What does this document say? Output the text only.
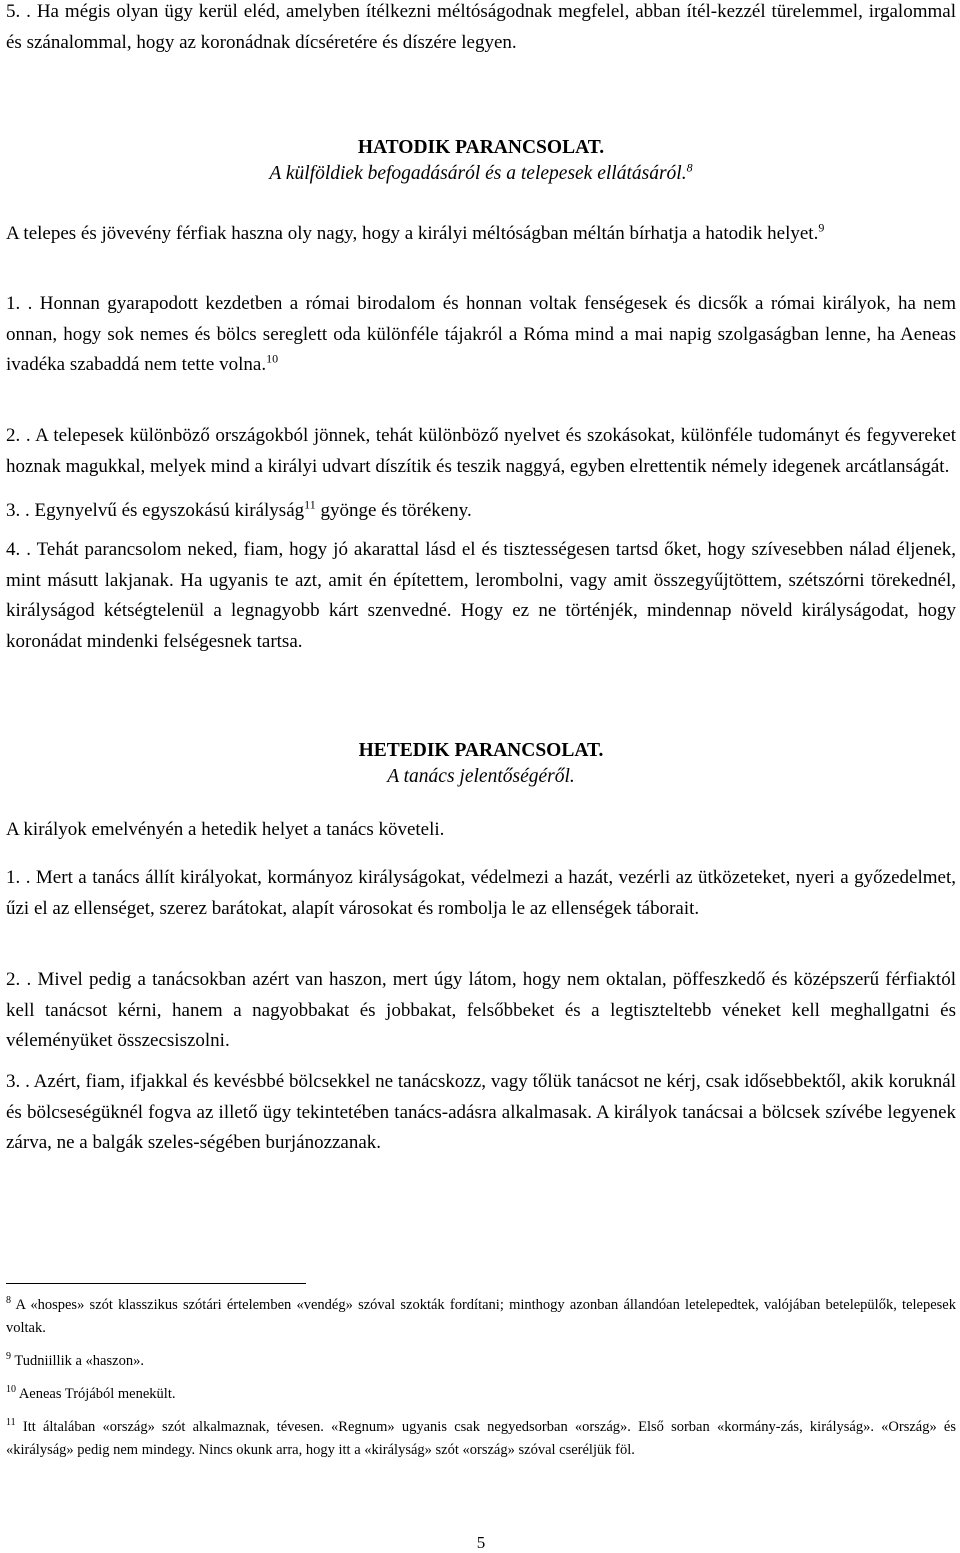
5. . Ha mégis olyan ügy kerül eléd, amelyben ítélkezni méltóságodnak megfelel, abban ítél-kezzél türelemmel, irgalommal és szánalommal, hogy az koronádnak dícséretére és díszére legyen.

HATODIK PARANCSOLAT.

A külföldiek befogadásáról és a telepesek ellátásáról.$^8$

A telepes és jövevény férfiak haszna oly nagy, hogy a királyi méltóságban méltán bírhatja a hatodik helyet.$^9$

1. . Honnan gyarapodott kezdetben a római birodalom és honnan voltak fenségesek és dicsők a római királyok, ha nem onnan, hogy sok nemes és bölcs sereglett oda különféle tájakról a Róma mind a mai napig szolgaságban lenne, ha Aeneas ivadéka szabaddá nem tette volna.$^{10}$

2. . A telepesek különböző országokból jönnek, tehát különböző nyelvet és szokásokat, különféle tudományt és fegyvereket hoznak magukkal, melyek mind a királyi udvart díszítik és teszik naggyá, egyben elrettentik némely idegenek arcátlanságát.

3. . Egynyelvű és egyszokású királyság$^{11}$ gyönge és törékeny.

4. . Tehát parancsolom neked, fiam, hogy jó akarattal lásd el és tisztességesen tartsd őket, hogy szívesebben nálad éljenek, mint másutt lakjanak. Ha ugyanis te azt, amit én építettem, lerombolni, vagy amit összegyűjtöttem, szétszórni törekednél, királyságod kétségtelenül a legnagyobb kárt szenvedné. Hogy ez ne történjék, mindennap növeld királyságodat, hogy koronádat mindenki felségesnek tartsa.

HETEDIK PARANCSOLAT.

A tanács jelentőségéről.

A királyok emelvényén a hetedik helyet a tanács követeli.

1. . Mert a tanács állít királyokat, kormányoz királyságokat, védelmezi a hazát, vezérli az ütközeteket, nyeri a győzedelmet, űzi el az ellenséget, szerez barátokat, alapít városokat és rombolja le az ellenségek táborait.

2. . Mivel pedig a tanácsokban azért van haszon, mert úgy látom, hogy nem oktalan, pöffeszkedő és középszerű férfiaktól kell tanácsot kérni, hanem a nagyobbakat és jobbakat, felsőbbeket és a legtiszteltebb véneket kell meghallgatni és véleményüket összecsiszolni.

3. . Azért, fiam, ifjakkal és kevésbbé bölcsekkel ne tanácskozz, vagy tőlük tanácsot ne kérj, csak idősebbektől, akik koruknál és bölcseségüknél fogva az illető ügy tekintetében tanács-adásra alkalmasak. A királyok tanácsai a bölcsek szívébe legyenek zárva, ne a balgák szeles-ségében burjánozzanak.

$^8$ A «hospes» szót klasszikus szótári értelemben «vendég» szóval szokták fordítani; minthogy azonban állandóan letelepedtek, valójában betelepülők, telepesek voltak.

$^9$ Tudniillik a «haszon».

$^{10}$ Aeneas Trójából menekült.

$^{11}$ Itt általában «ország» szót alkalmaznak, tévesen. «Regnum» ugyanis csak negyedsorban «ország». Első sorban «kormány-zás, királyság». «Ország» és «királyság» pedig nem mindegy. Nincs okunk arra, hogy itt a «királyság» szót «ország» szóval cseréljük föl.

5
